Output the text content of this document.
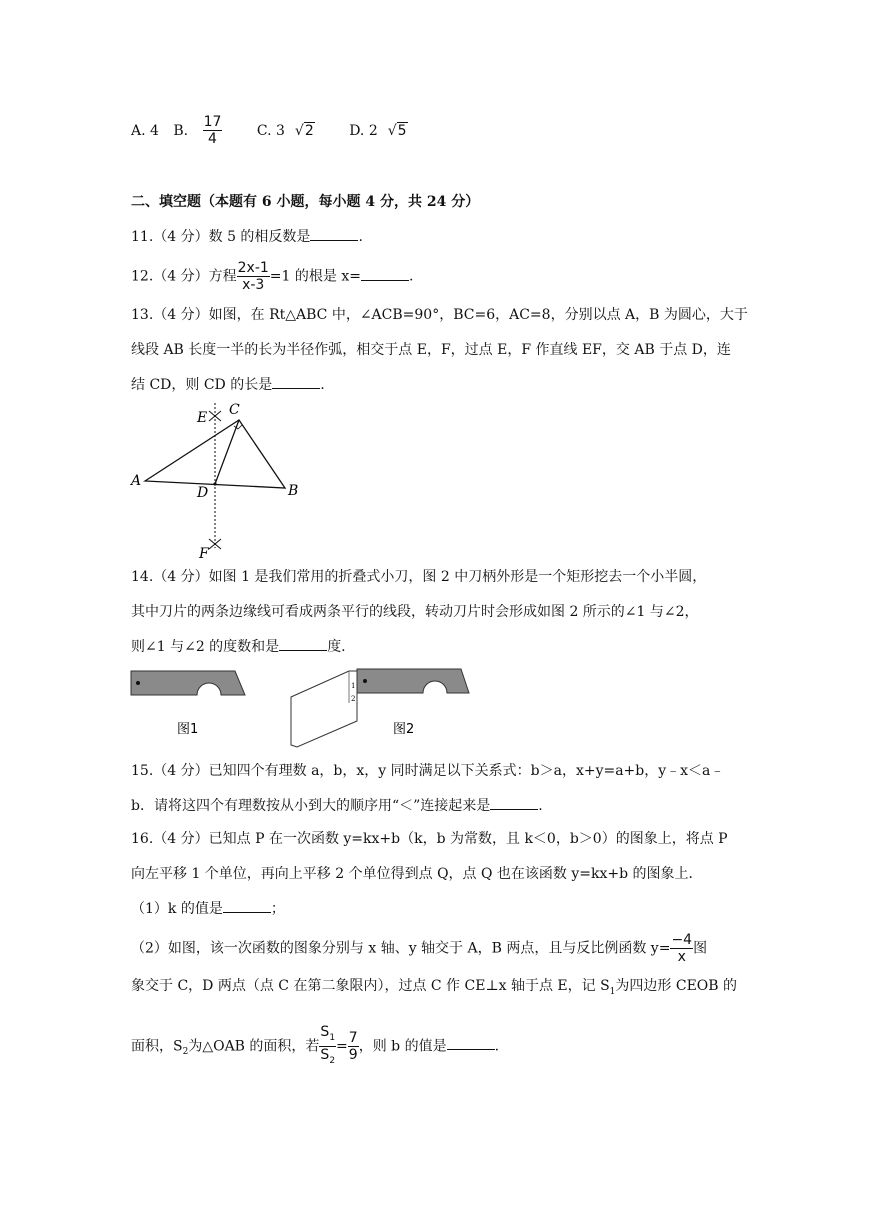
A. 4 B. $\frac{17}{4} C$. 3 √2	D. 2 √5
二、填空题（本题有 6 小题，每小题 4 分，共 24 分）
11.（4 分）数 5 的相反数是	.
12.（4 分）方程 $\frac{2x-1}{x-3} =1$ 的根是 x=	.
13.（4 分）如图，在 Rt△ABC 中，∠ACB=90°，BC=6，AC=8，分别以点 A，B 为圆心，大于
线段 AB 长度一半的长为半径作弧，相交于点 E，F，过点 E，F 作直线 EF，交 AB 于点 D，连
结 CD，则 CD 的长是	.
E C
A
D	B
F
14.（4 分）如图 1 是我们常用的折叠式小刀，图 2 中刀柄外形是一个矩形挖去一个小半圆，
其中刀片的两条边缘线可看成两条平行的线段，转动刀片时会形成如图 2 所示的∠1 与∠2，
则∠1 与∠2 的度数和是	度.
图1
1
2
图2
15.（4 分）已知四个有理数 a，b，x，y 同时满足以下关系式：b＞a，x+y=a+b，y﹣x＜a﹣
b．请将这四个有理数按从小到大的顺序用“＜”连接起来是	.
16.（4 分）已知点 P 在一次函数 y=kx+b（k，b 为常数，且 k＜0，b＞0）的图象上，将点 P
向左平移 1 个单位，再向上平移 2 个单位得到点 Q，点 Q 也在该函数 y=kx+b 的图象上．
（1）k 的值是	；
（2）如图，该一次函数的图象分别与 x 轴、y 轴交于 A，B 两点，且与反比例函数 $y= \frac{-4}{x}$ 图
象交于 C，D 两点（点 C 在第二象限内），过点 C 作 CE⊥x 轴于点 E，记 $S_1$为四边形 CEOB 的
面积，$S_2$为△OAB 的面积，若 $\frac{S_1}{S_2} = \frac{7}{9}$ ，则 b 的值是	.
